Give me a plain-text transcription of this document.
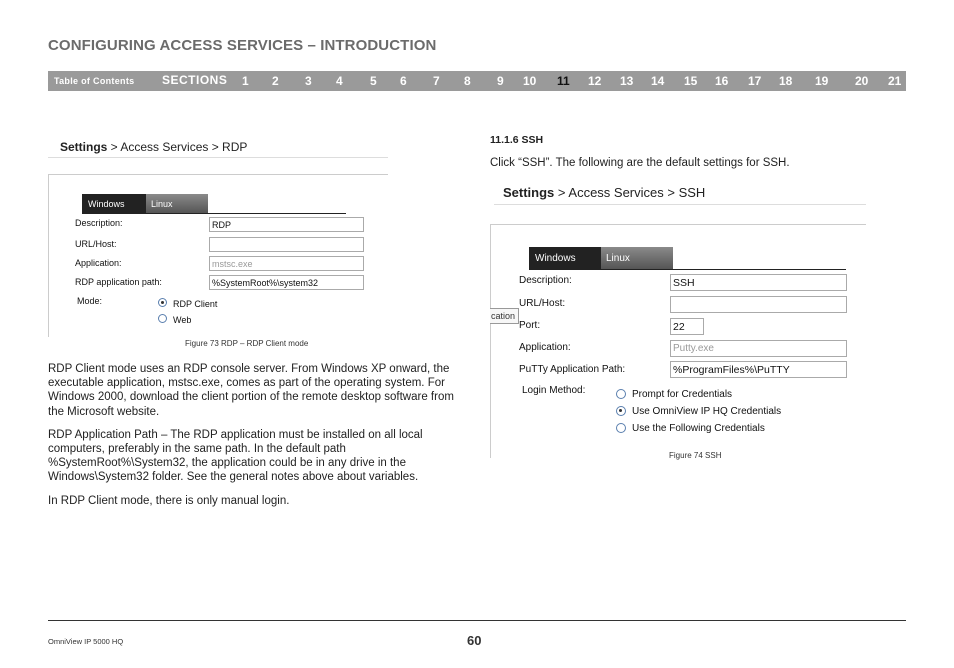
CONFIGURING ACCESS SERVICES – INTRODUCTION
Table of Contents SECTIONS 1 2 3 4 5 6 7 8 9 10 11 12 13 14 15 16 17 18 19 20 21
Settings > Access Services > RDP
Windows	Linux
Description:	RDP
URL/Host:
Application:	mstsc.exe
RDP application path:	%SystemRoot%\system32
Mode:	RDP Client
Web
Figure 73 RDP – RDP Client mode

RDP Client mode uses an RDP console server. From Windows XP onward, the executable application, mstsc.exe, comes as part of the operating system. For Windows 2000, download the client portion of the remote desktop software from the Microsoft website.

RDP Application Path – The RDP application must be installed on all local computers, preferably in the same path. In the default path %SystemRoot%\System32, the application could be in any drive in the Windows\System32 folder. See the general notes above about variables.

In RDP Client mode, there is only manual login.

11.1.6 SSH
Click “SSH”. The following are the default settings for SSH.
Settings > Access Services > SSH
cation
Windows	Linux
Description:	SSH
URL/Host:
Port:	22
Application:	Putty.exe
PuTTy Application Path:	%ProgramFiles%\PuTTY
Login Method:	Prompt for Credentials
Use OmniView IP HQ Credentials
Use the Following Credentials
Figure 74 SSH
OmniView IP 5000 HQ	60
